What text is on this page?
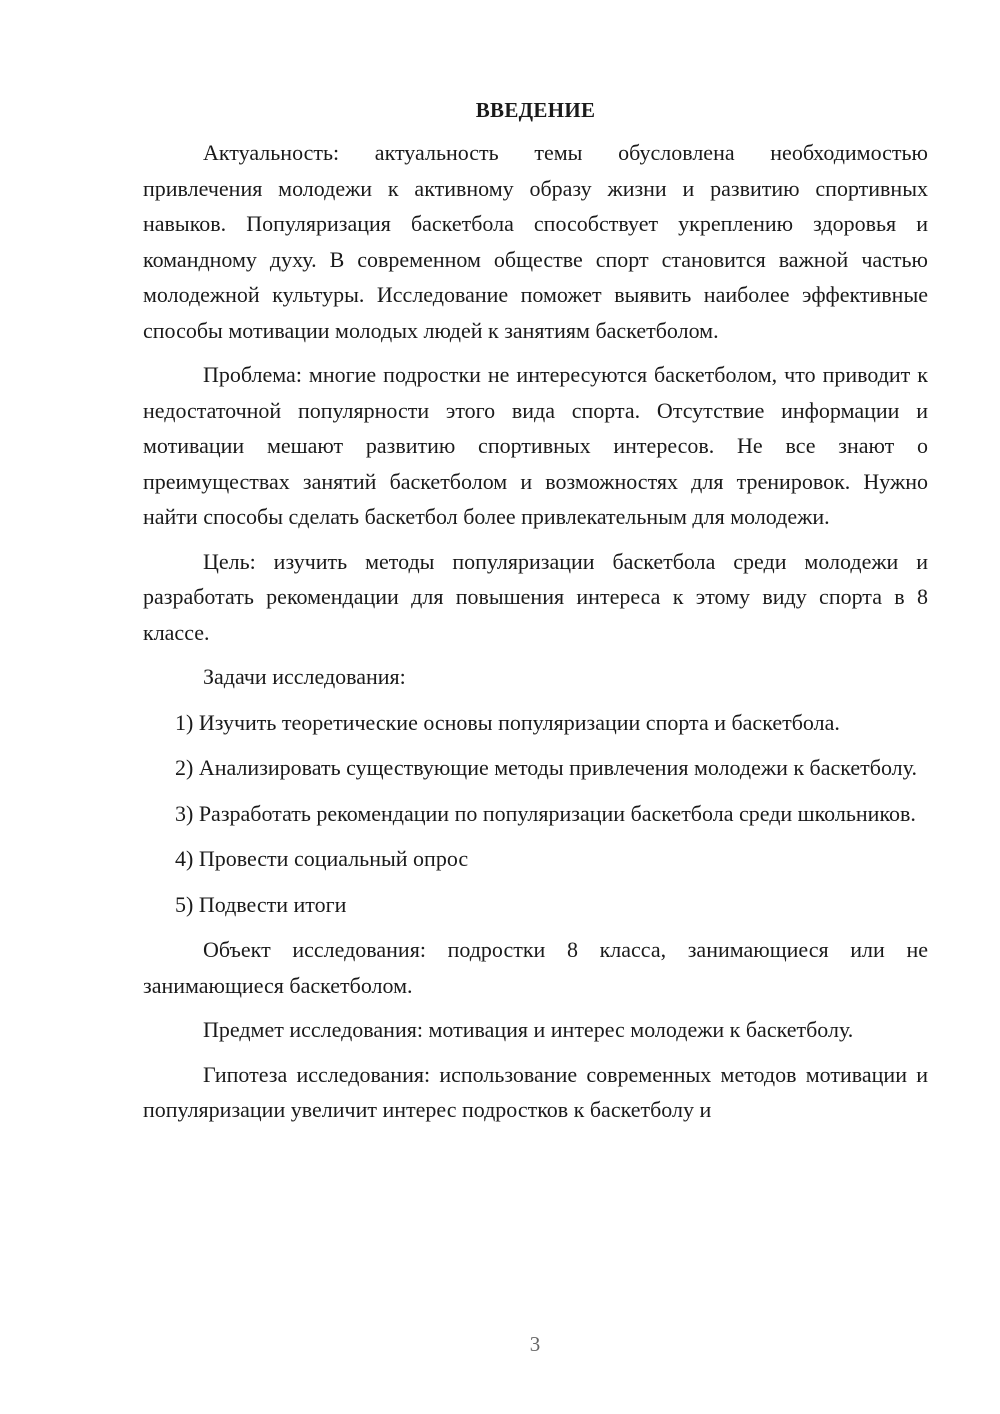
ВВЕДЕНИЕ

Актуальность: актуальность темы обусловлена необходимостью привлечения молодежи к активному образу жизни и развитию спортивных навыков. Популяризация баскетбола способствует укреплению здоровья и командному духу. В современном обществе спорт становится важной частью молодежной культуры. Исследование поможет выявить наиболее эффективные способы мотивации молодых людей к занятиям баскетболом.

Проблема: многие подростки не интересуются баскетболом, что приводит к недостаточной популярности этого вида спорта. Отсутствие информации и мотивации мешают развитию спортивных интересов. Не все знают о преимуществах занятий баскетболом и возможностях для тренировок. Нужно найти способы сделать баскетбол более привлекательным для молодежи.

Цель: изучить методы популяризации баскетбола среди молодежи и разработать рекомендации для повышения интереса к этому виду спорта в 8 классе.

Задачи исследования:

1) Изучить теоретические основы популяризации спорта и баскетбола.

2) Анализировать существующие методы привлечения молодежи к баскетболу.

3) Разработать рекомендации по популяризации баскетбола среди школьников.

4) Провести социальный опрос

5) Подвести итоги

Объект исследования: подростки 8 класса, занимающиеся или не занимающиеся баскетболом.

Предмет исследования: мотивация и интерес молодежи к баскетболу.

Гипотеза исследования: использование современных методов мотивации и популяризации увеличит интерес подростков к баскетболу и

3
